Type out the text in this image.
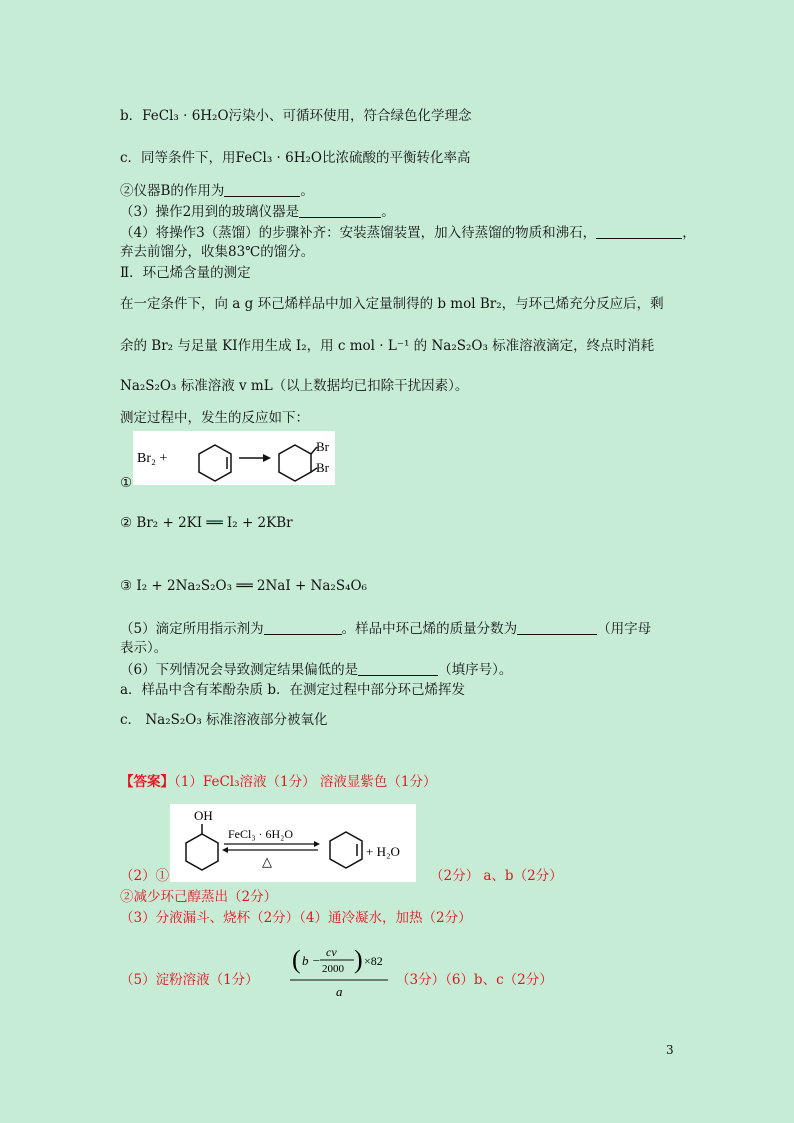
b．FeCl₃ · 6H₂O污染小、可循环使用，符合绿色化学理念
c．同等条件下，用FeCl₃ · 6H₂O比浓硫酸的平衡转化率高
②仪器B的作用为	。
（3）操作2用到的玻璃仪器是	。
（4）将操作3（蒸馏）的步骤补齐：安装蒸馏装置，加入待蒸馏的物质和沸石，	，
弃去前馏分，收集83℃的馏分。
Ⅱ．环己烯含量的测定
在一定条件下，向 a g 环己烯样品中加入定量制得的 b mol Br₂，与环己烯充分反应后，剩
余的 Br₂ 与足量 KI作用生成 I₂，用 c mol · L⁻¹ 的 Na₂S₂O₃ 标准溶液滴定，终点时消耗
Na₂S₂O₃ 标准溶液 v mL（以上数据均已扣除干扰因素）。
测定过程中，发生的反应如下：
Br₂ +
Br
Br
①
② Br₂ + 2KI ══ I₂ + 2KBr
③ I₂ + 2Na₂S₂O₃ ══ 2NaI + Na₂S₄O₆
（5）滴定所用指示剂为	。样品中环己烯的质量分数为	（用字母
表示）。
（6）下列情况会导致测定结果偏低的是	（填序号）。
a．样品中含有苯酚杂质 b．在测定过程中部分环己烯挥发
c． Na₂S₂O₃ 标准溶液部分被氧化
【答案】（1）FeCl₃溶液（1分） 溶液显紫色（1分）
OH
FeCl₃ · 6H₂O
△
+ H₂O
（2）①	（2分） a、b（2分）
②减少环己醇蒸出（2分）
（3）分液漏斗、烧杯（2分）（4）通冷凝水，加热（2分）
（5）淀粉溶液（1分）
( b −
cv
2000 ) ×82
a
（3分）（6）b、c（2分）
3
